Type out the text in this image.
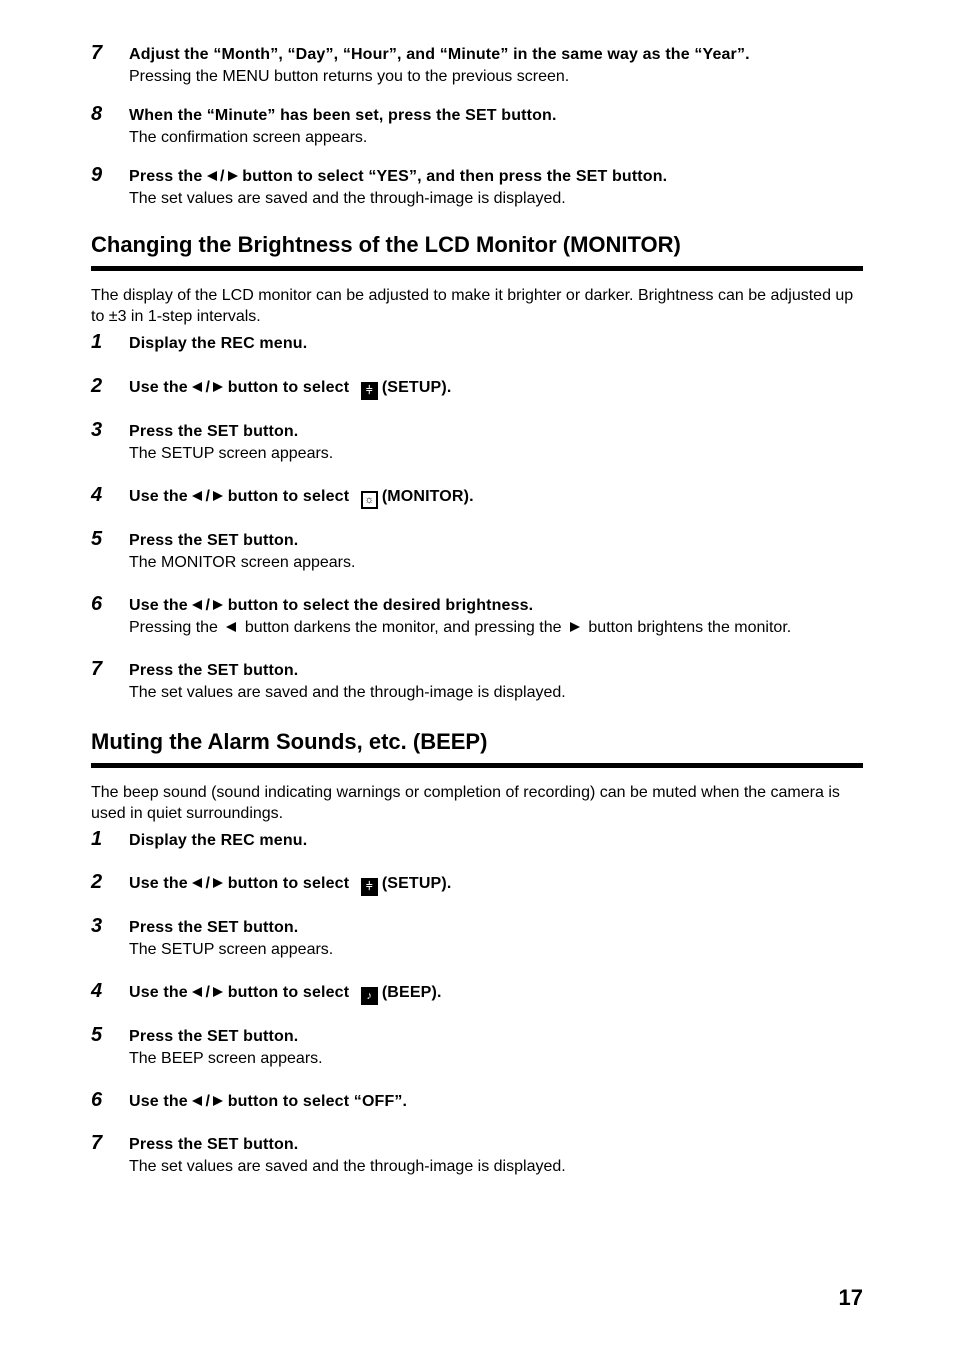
7 Adjust the “Month”, “Day”, “Hour”, and “Minute” in the same way as the “Year”.
Pressing the MENU button returns you to the previous screen.
8 When the “Minute” has been set, press the SET button.
The confirmation screen appears.
9 Press the / button to select “YES”, and then press the SET button.
The set values are saved and the through-image is displayed.
Changing the Brightness of the LCD Monitor (MONITOR)
The display of the LCD monitor can be adjusted to make it brighter or darker. Brightness can be adjusted up to ±3 in 1-step intervals.
1 Display the REC menu.
2 Use the / button to select ⫩ (SETUP).
3 Press the SET button.
The SETUP screen appears.
4 Use the / button to select ☼ (MONITOR).
5 Press the SET button.
The MONITOR screen appears.
6 Use the / button to select the desired brightness.
Pressing the button darkens the monitor, and pressing the button brightens the monitor.
7 Press the SET button.
The set values are saved and the through-image is displayed.
Muting the Alarm Sounds, etc. (BEEP)
The beep sound (sound indicating warnings or completion of recording) can be muted when the camera is used in quiet surroundings.
1 Display the REC menu.
2 Use the / button to select ⫩ (SETUP).
3 Press the SET button.
The SETUP screen appears.
4 Use the / button to select ♪ (BEEP).
5 Press the SET button.
The BEEP screen appears.
6 Use the / button to select “OFF”.
7 Press the SET button.
The set values are saved and the through-image is displayed.
17
